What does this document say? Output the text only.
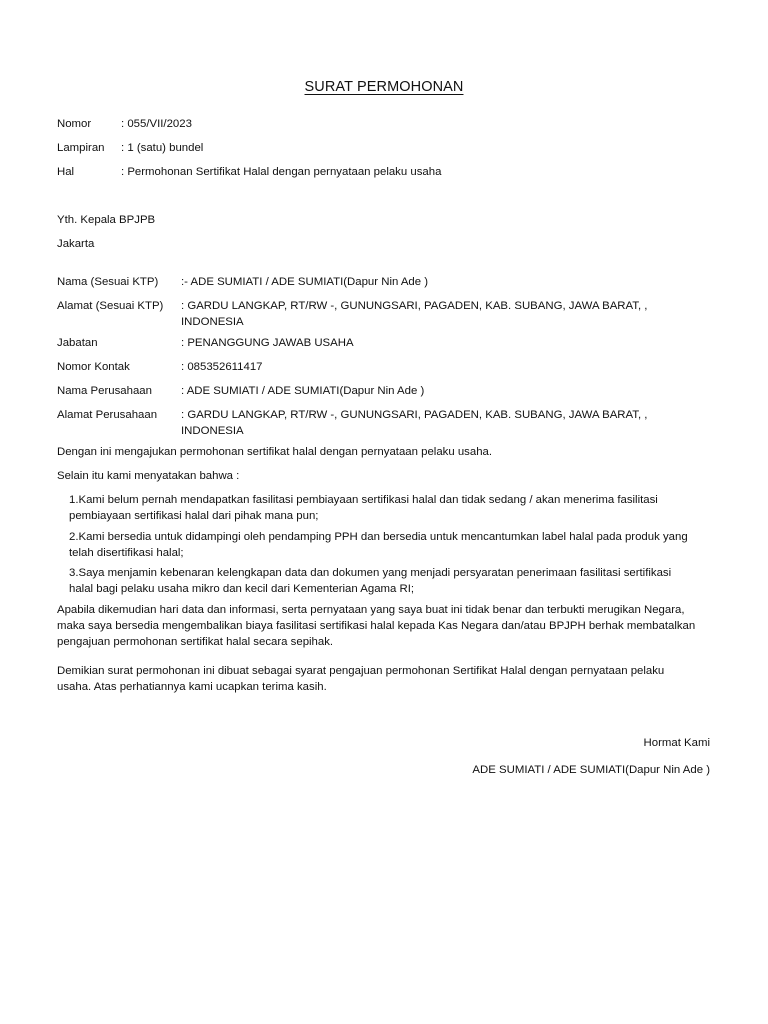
SURAT PERMOHONAN
Nomor	: 055/VII/2023
Lampiran : 1 (satu) bundel
Hal	: Permohonan Sertifikat Halal dengan pernyataan pelaku usaha
Yth. Kepala BPJPB
Jakarta
Nama (Sesuai KTP) :- ADE SUMIATI / ADE SUMIATI(Dapur Nin Ade )
Alamat (Sesuai KTP) : GARDU LANGKAP, RT/RW -, GUNUNGSARI, PAGADEN, KAB. SUBANG, JAWA BARAT, ,
INDONESIA
Jabatan	: PENANGGUNG JAWAB USAHA
Nomor Kontak	: 085352611417
Nama Perusahaan	: ADE SUMIATI / ADE SUMIATI(Dapur Nin Ade )
Alamat Perusahaan : GARDU LANGKAP, RT/RW -, GUNUNGSARI, PAGADEN, KAB. SUBANG, JAWA BARAT, ,
INDONESIA
Dengan ini mengajukan permohonan sertifikat halal dengan pernyataan pelaku usaha.
Selain itu kami menyatakan bahwa :
1.Kami belum pernah mendapatkan fasilitasi pembiayaan sertifikasi halal dan tidak sedang / akan menerima fasilitasi
pembiayaan sertifikasi halal dari pihak mana pun;
2.Kami bersedia untuk didampingi oleh pendamping PPH dan bersedia untuk mencantumkan label halal pada produk yang
telah disertifikasi halal;
3.Saya menjamin kebenaran kelengkapan data dan dokumen yang menjadi persyaratan penerimaan fasilitasi sertifikasi
halal bagi pelaku usaha mikro dan kecil dari Kementerian Agama RI;
Apabila dikemudian hari data dan informasi, serta pernyataan yang saya buat ini tidak benar dan terbukti merugikan Negara,
maka saya bersedia mengembalikan biaya fasilitasi sertifikasi halal kepada Kas Negara dan/atau BPJPH berhak membatalkan
pengajuan permohonan sertifikat halal secara sepihak.
Demikian surat permohonan ini dibuat sebagai syarat pengajuan permohonan Sertifikat Halal dengan pernyataan pelaku
usaha. Atas perhatiannya kami ucapkan terima kasih.
Hormat Kami
ADE SUMIATI / ADE SUMIATI(Dapur Nin Ade )
